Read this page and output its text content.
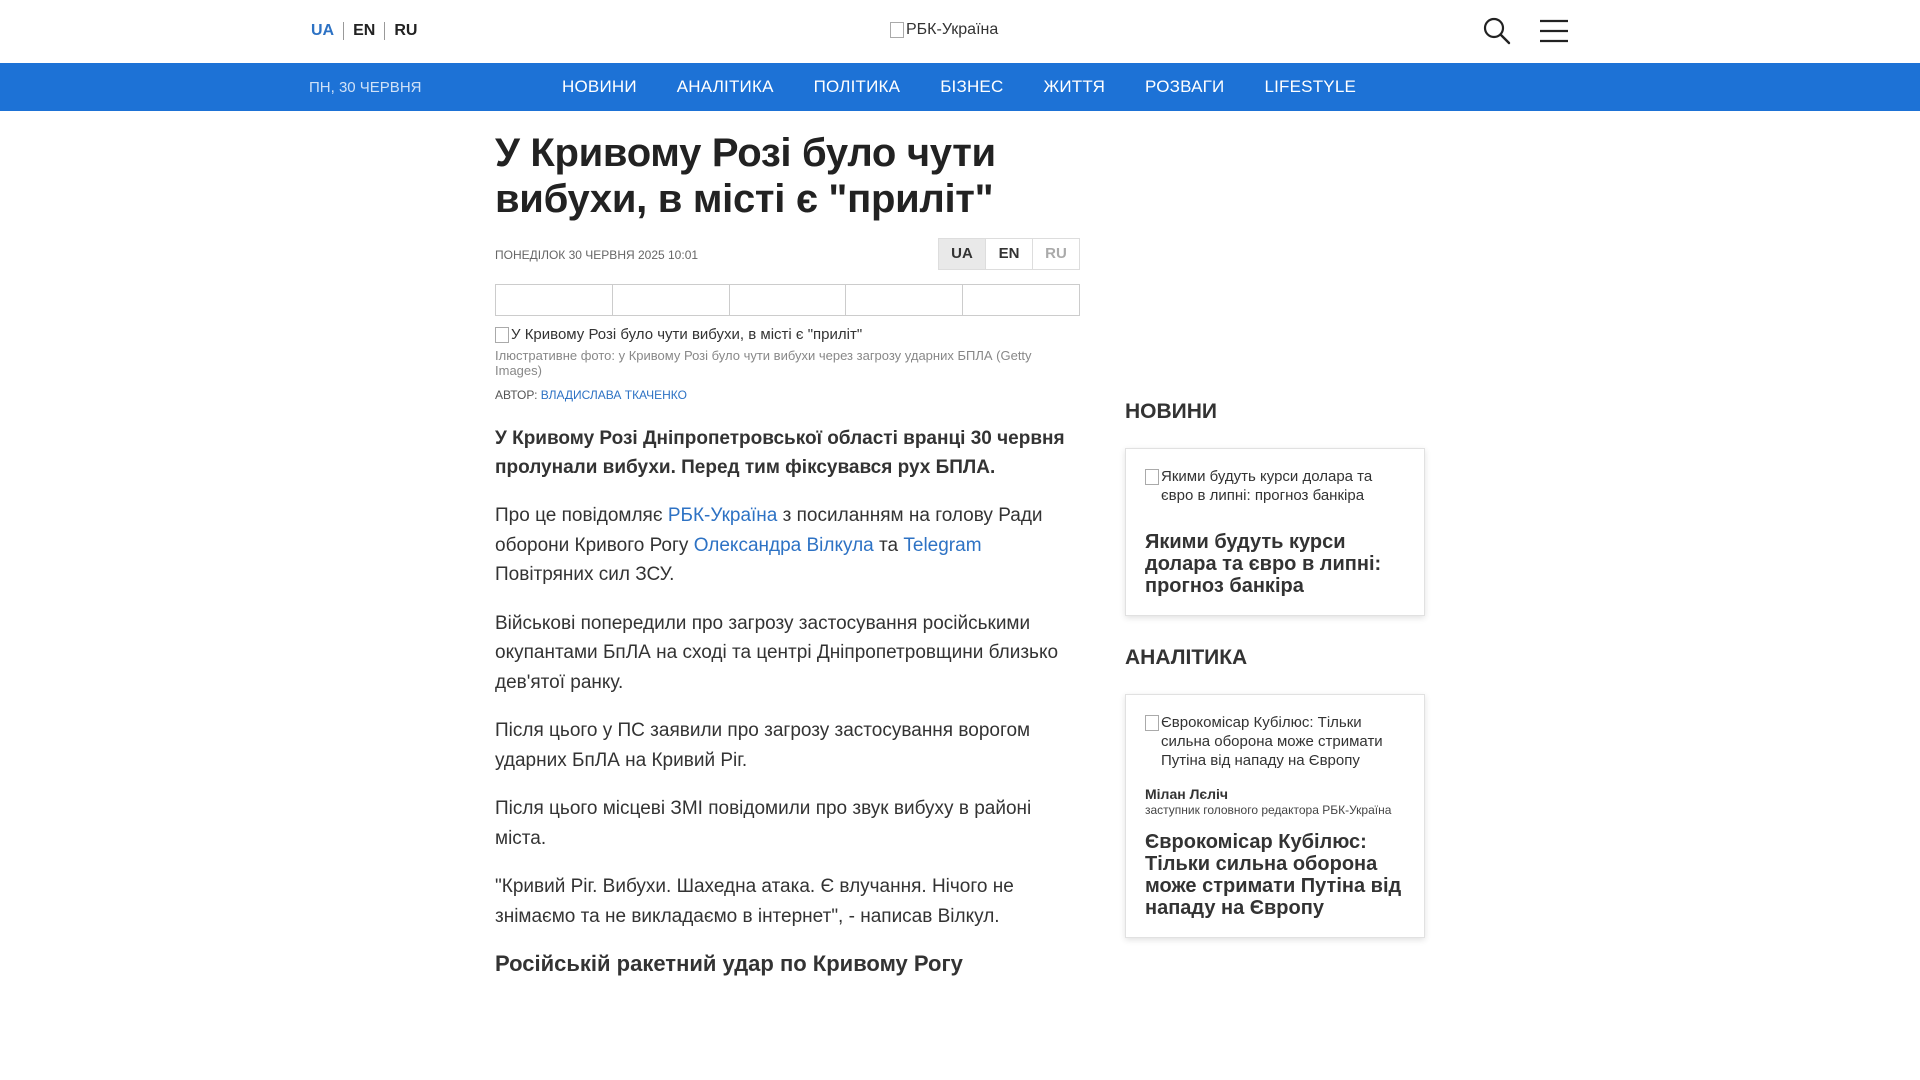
UA	EN	RU	РБК-Україна
ПН, 30 ЧЕРВНЯ	НОВИНИ АНАЛІТИКА ПОЛІТИКА БІЗНЕС ЖИТТЯ РОЗВАГИ LIFESTYLE
У Кривому Розі було чути вибухи, в місті є "приліт"
ПОНЕДІЛОК 30 ЧЕРВНЯ 2025 10:01	UA	EN	RU
У Кривому Розі було чути вибухи, в місті є "приліт"
Ілюстративне фото: у Кривому Розі було чути вибухи через загрозу ударних БПЛА (Getty Images)
АВТОР: ВЛАДИСЛАВА ТКАЧЕНКО
У Кривому Розі Дніпропетровської області вранці 30 червня пролунали вибухи. Перед тим фіксувався рух БПЛА.
Про це повідомляє РБК-Україна з посиланням на голову Ради оборони Кривого Рогу Олександра Вілкула та Telegram Повітряних сил ЗСУ.
Військові попередили про загрозу застосування російськими окупантами БпЛА на сході та центрі Дніпропетровщини близько дев'ятої ранку.
Після цього у ПС заявили про загрозу застосування ворогом ударних БпЛА на Кривий Ріг.
Після цього місцеві ЗМІ повідомили про звук вибуху в районі міста.
"Кривий Ріг. Вибухи. Шахедна атака. Є влучання. Нічого не знімаємо та не викладаємо в інтернет", - написав Вілкул.
Російській ракетний удар по Кривому Рогу
НОВИНИ
Якими будуть курси долара та євро в липні: прогноз банкіра
Якими будуть курси долара та євро в липні: прогноз банкіра
АНАЛІТИКА
Єврокомісар Кубілюс: Тільки сильна оборона може стримати Путіна від нападу на Європу
Мілан Лєліч
заступник головного редактора РБК-Україна
Єврокомісар Кубілюс: Тільки сильна оборона може стримати Путіна від нападу на Європу
